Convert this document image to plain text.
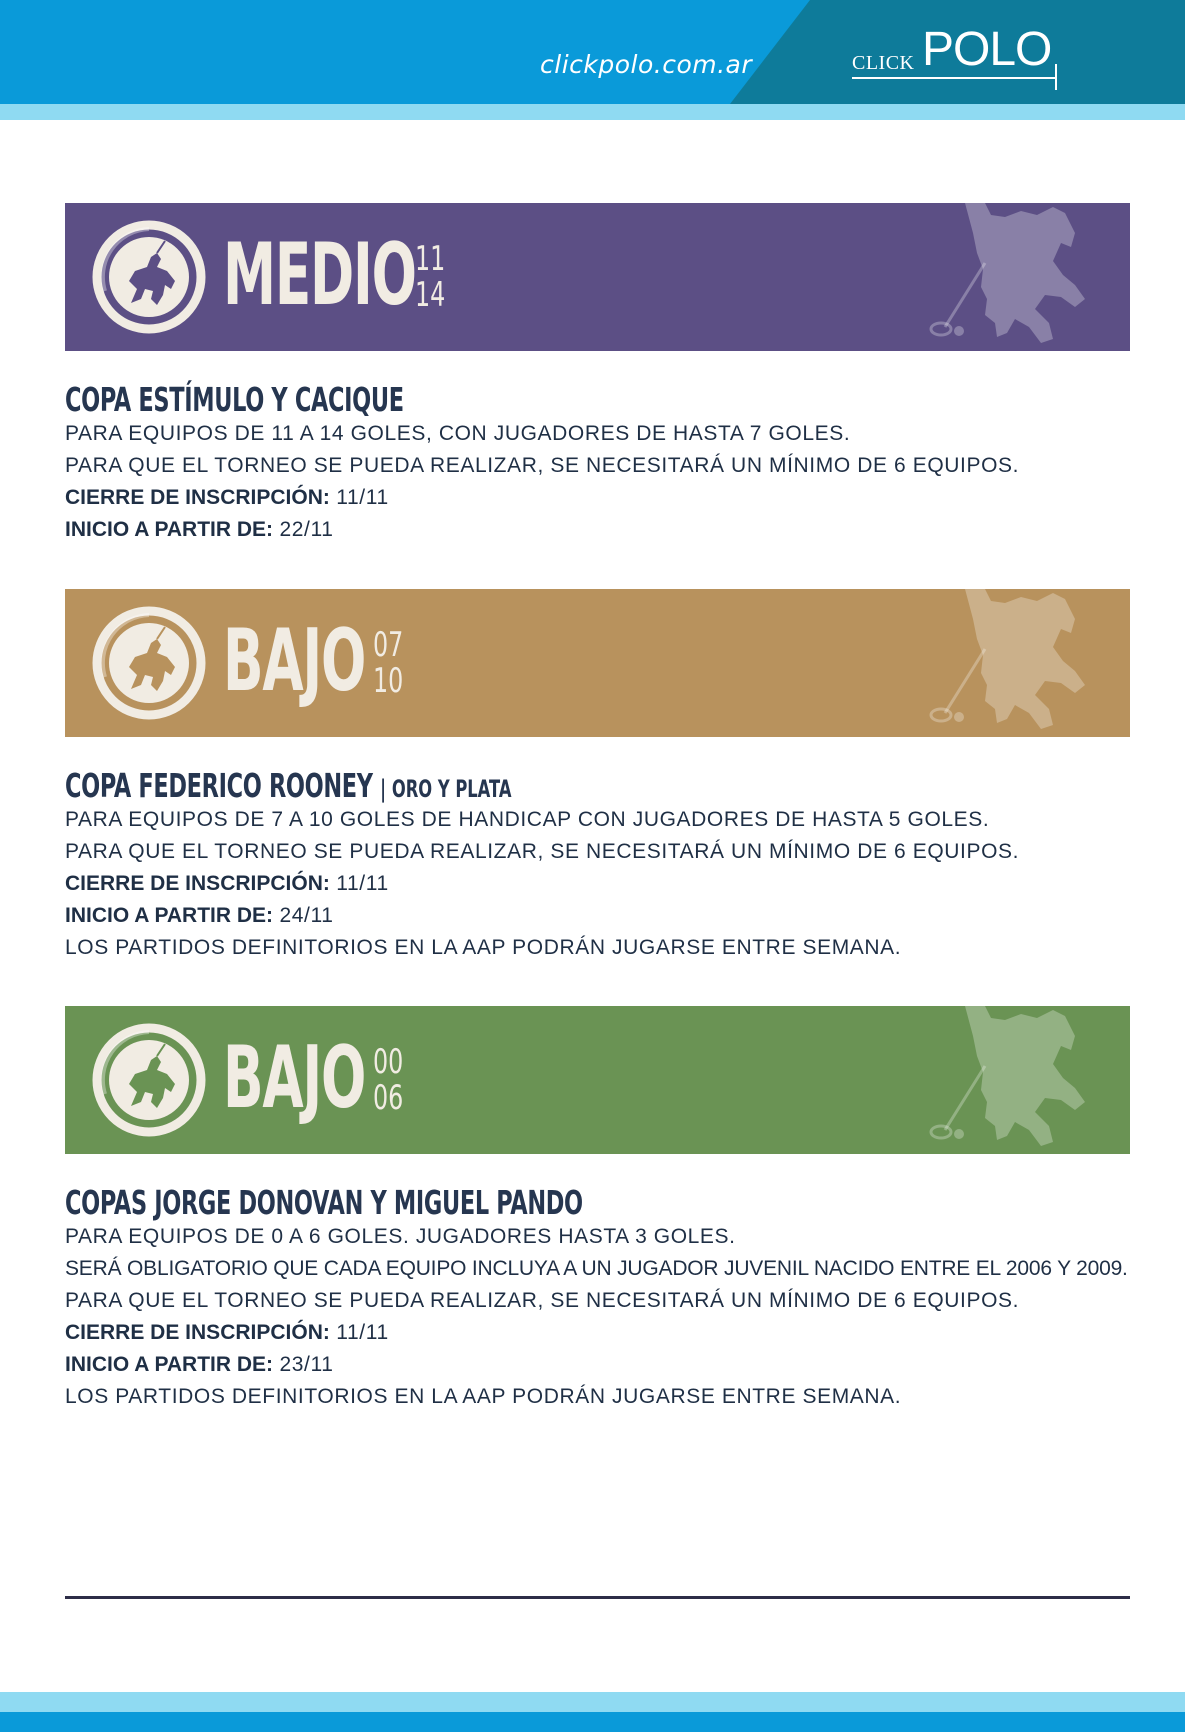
clickpolo.com.ar	CLICK POLO
MEDIO 11
14
COPA ESTÍMULO Y CACIQUE
PARA EQUIPOS DE 11 A 14 GOLES, CON JUGADORES DE HASTA 7 GOLES.
PARA QUE EL TORNEO SE PUEDA REALIZAR, SE NECESITARÁ UN MÍNIMO DE 6 EQUIPOS.
CIERRE DE INSCRIPCIÓN: 11/11
INICIO A PARTIR DE: 22/11
BAJO 07
10
COPA FEDERICO ROONEY | ORO Y PLATA
PARA EQUIPOS DE 7 A 10 GOLES DE HANDICAP CON JUGADORES DE HASTA 5 GOLES.
PARA QUE EL TORNEO SE PUEDA REALIZAR, SE NECESITARÁ UN MÍNIMO DE 6 EQUIPOS.
CIERRE DE INSCRIPCIÓN: 11/11
INICIO A PARTIR DE: 24/11
LOS PARTIDOS DEFINITORIOS EN LA AAP PODRÁN JUGARSE ENTRE SEMANA.
BAJO 00
06
COPAS JORGE DONOVAN Y MIGUEL PANDO
PARA EQUIPOS DE 0 A 6 GOLES. JUGADORES HASTA 3 GOLES.
SERÁ OBLIGATORIO QUE CADA EQUIPO INCLUYA A UN JUGADOR JUVENIL NACIDO ENTRE EL 2006 Y 2009.
PARA QUE EL TORNEO SE PUEDA REALIZAR, SE NECESITARÁ UN MÍNIMO DE 6 EQUIPOS.
CIERRE DE INSCRIPCIÓN: 11/11
INICIO A PARTIR DE: 23/11
LOS PARTIDOS DEFINITORIOS EN LA AAP PODRÁN JUGARSE ENTRE SEMANA.
